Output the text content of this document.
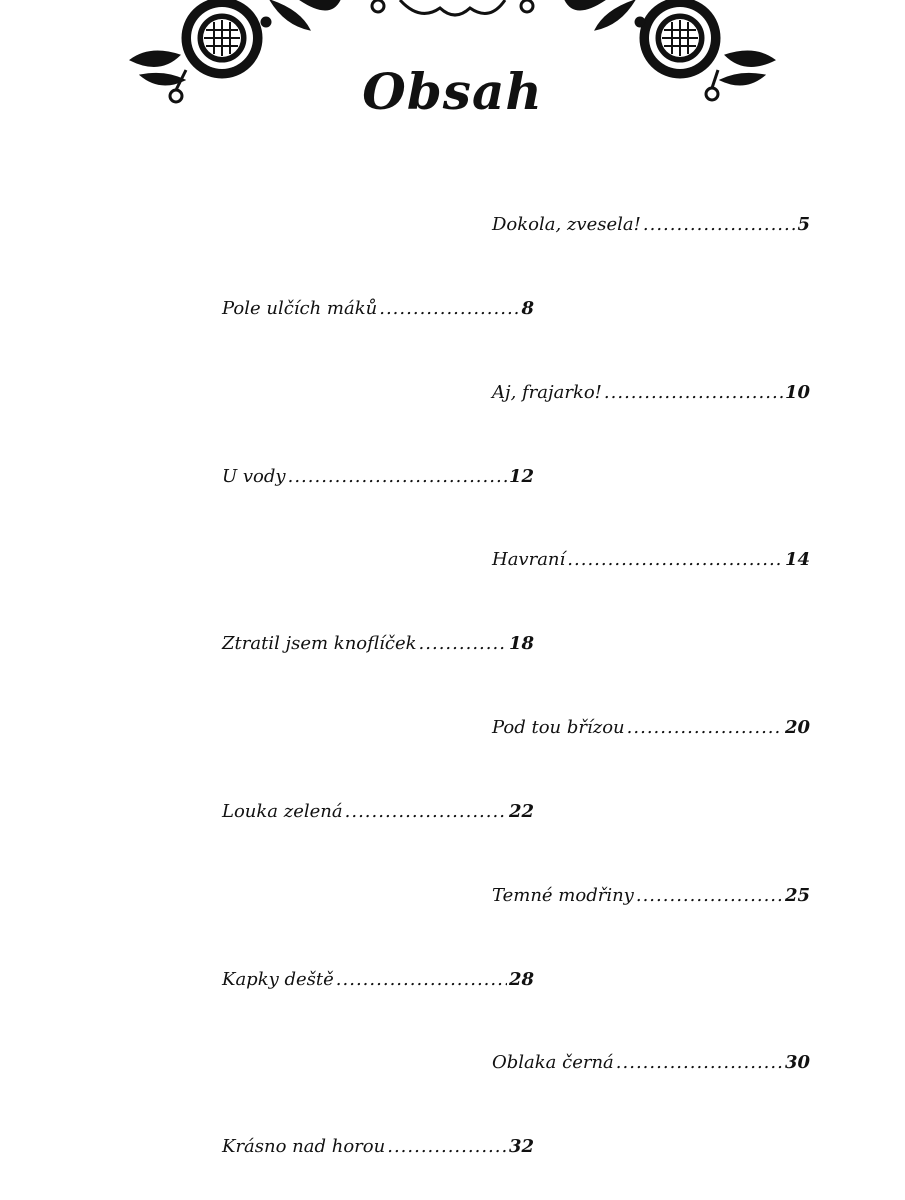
Obsah
Dokola, zvesela! .....	5
Pole ulčích máků .....	8
Aj, frajarko! .....	10
U vody .....	12
Havraní .....	14
Ztratil jsem knoflíček .....	18
Pod tou břízou .....	20
Louka zelená .....	22
Temné modřiny .....	25
Kapky deště .....	28
Oblaka černá .....	30
Krásno nad horou .....	32
